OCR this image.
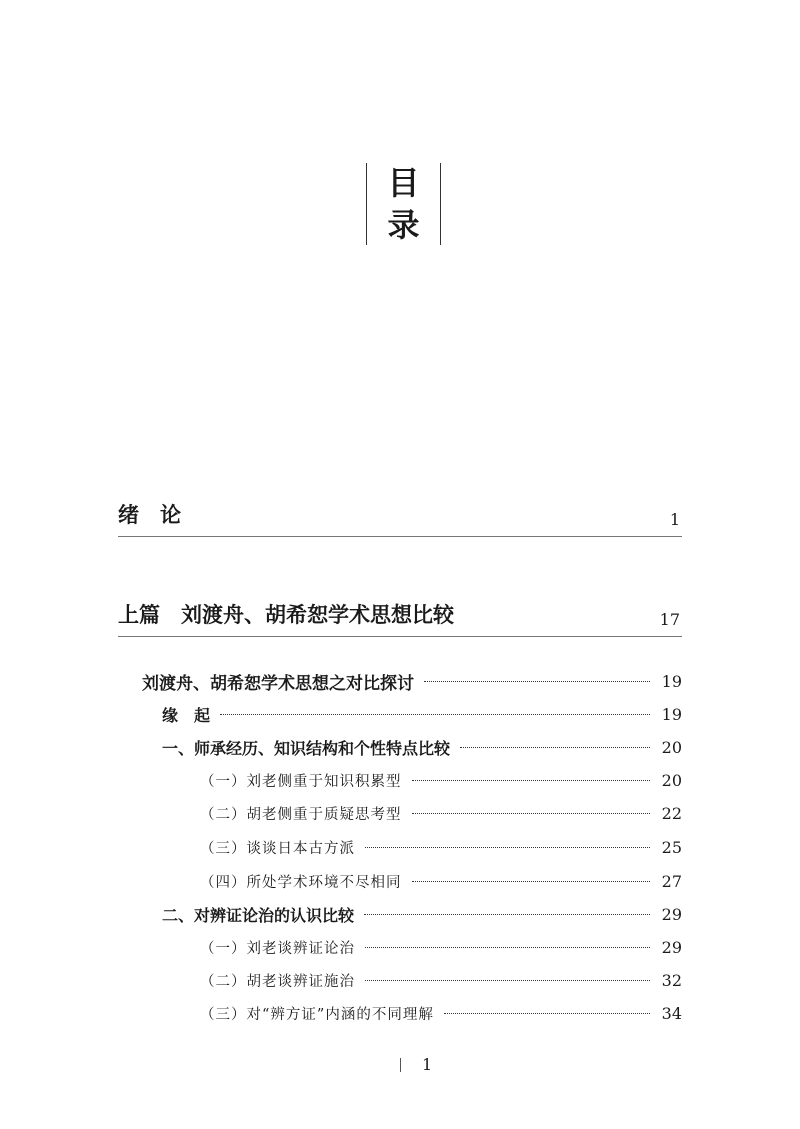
目
录
绪　论	1
上篇　刘渡舟、胡希恕学术思想比较	17
刘渡舟、胡希恕学术思想之对比探讨	19
缘　起	19
一、师承经历、知识结构和个性特点比较	20
（一）刘老侧重于知识积累型	20
（二）胡老侧重于质疑思考型	22
（三）谈谈日本古方派	25
（四）所处学术环境不尽相同	27
二、对辨证论治的认识比较	29
（一）刘老谈辨证论治	29
（二）胡老谈辨证施治	32
（三）对“辨方证”内涵的不同理解	34
1
